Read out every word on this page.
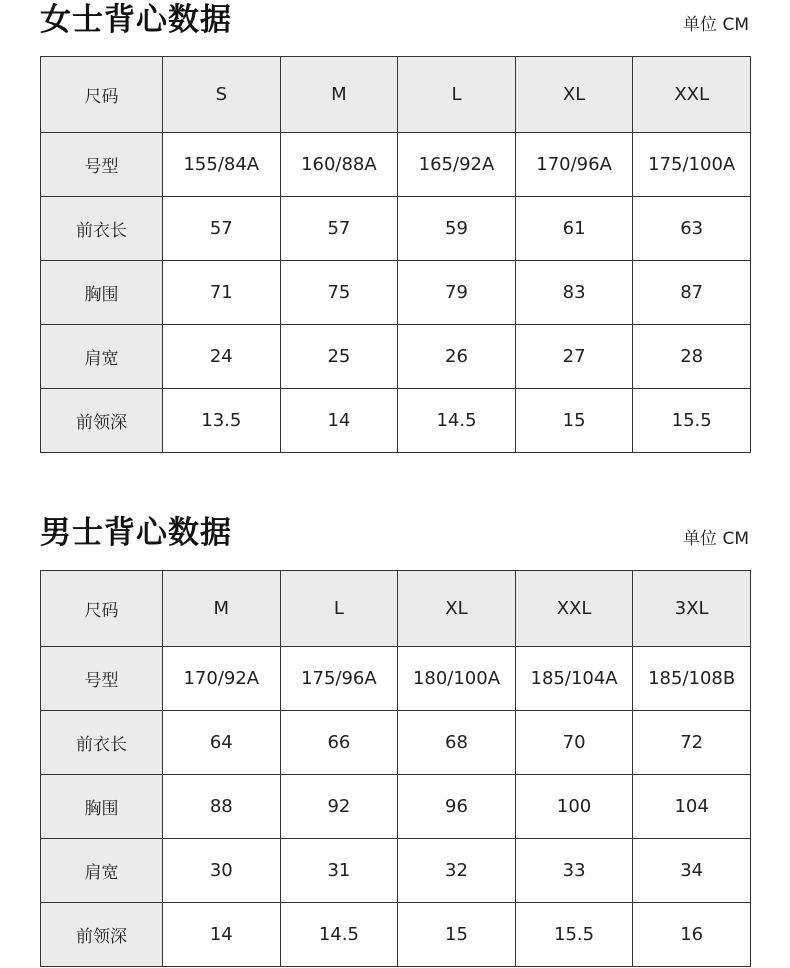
女士背心数据	单位 CM
尺码	S	M	L	XL	XXL
号型	155/84A	160/88A	165/92A	170/96A	175/100A
前衣长	57	57	59	61	63
胸围	71	75	79	83	87
肩宽	24	25	26	27	28
前领深	13.5	14	14.5	15	15.5
男士背心数据	单位 CM
尺码	M	L	XL	XXL	3XL
号型	170/92A	175/96A	180/100A	185/104A	185/108B
前衣长	64	66	68	70	72
胸围	88	92	96	100	104
肩宽	30	31	32	33	34
前领深	14	14.5	15	15.5	16
